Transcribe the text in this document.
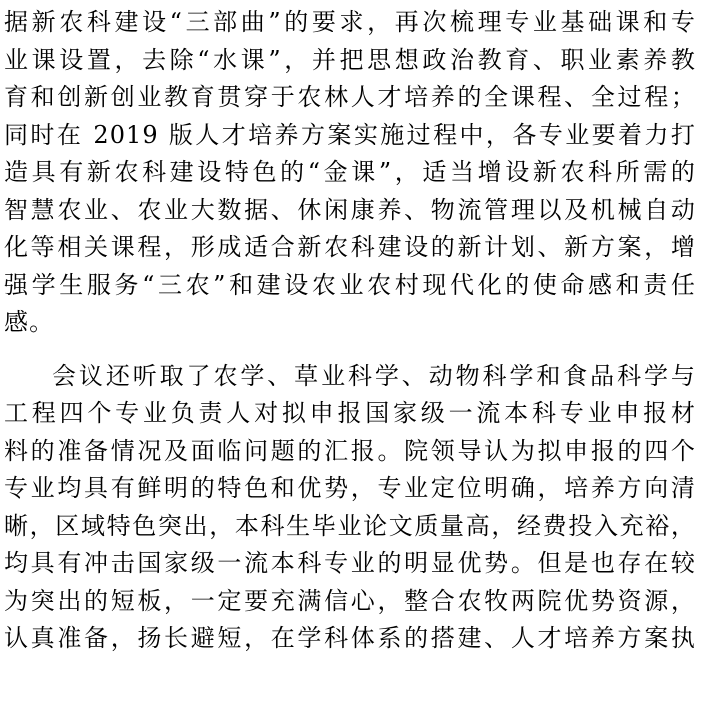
据新农科建设“三部曲”的要求，再次梳理专业基础课和专
业课设置，去除“水课”，并把思想政治教育、职业素养教
育和创新创业教育贯穿于农林人才培养的全课程、全过程；
同时在 2019 版人才培养方案实施过程中，各专业要着力打
造具有新农科建设特色的“金课”，适当增设新农科所需的
智慧农业、农业大数据、休闲康养、物流管理以及机械自动
化等相关课程，形成适合新农科建设的新计划、新方案，增
强学生服务“三农”和建设农业农村现代化的使命感和责任
感。
会议还听取了农学、草业科学、动物科学和食品科学与
工程四个专业负责人对拟申报国家级一流本科专业申报材
料的准备情况及面临问题的汇报。院领导认为拟申报的四个
专业均具有鲜明的特色和优势，专业定位明确，培养方向清
晰，区域特色突出，本科生毕业论文质量高，经费投入充裕，
均具有冲击国家级一流本科专业的明显优势。但是也存在较
为突出的短板，一定要充满信心，整合农牧两院优势资源，
认真准备，扬长避短，在学科体系的搭建、人才培养方案执
